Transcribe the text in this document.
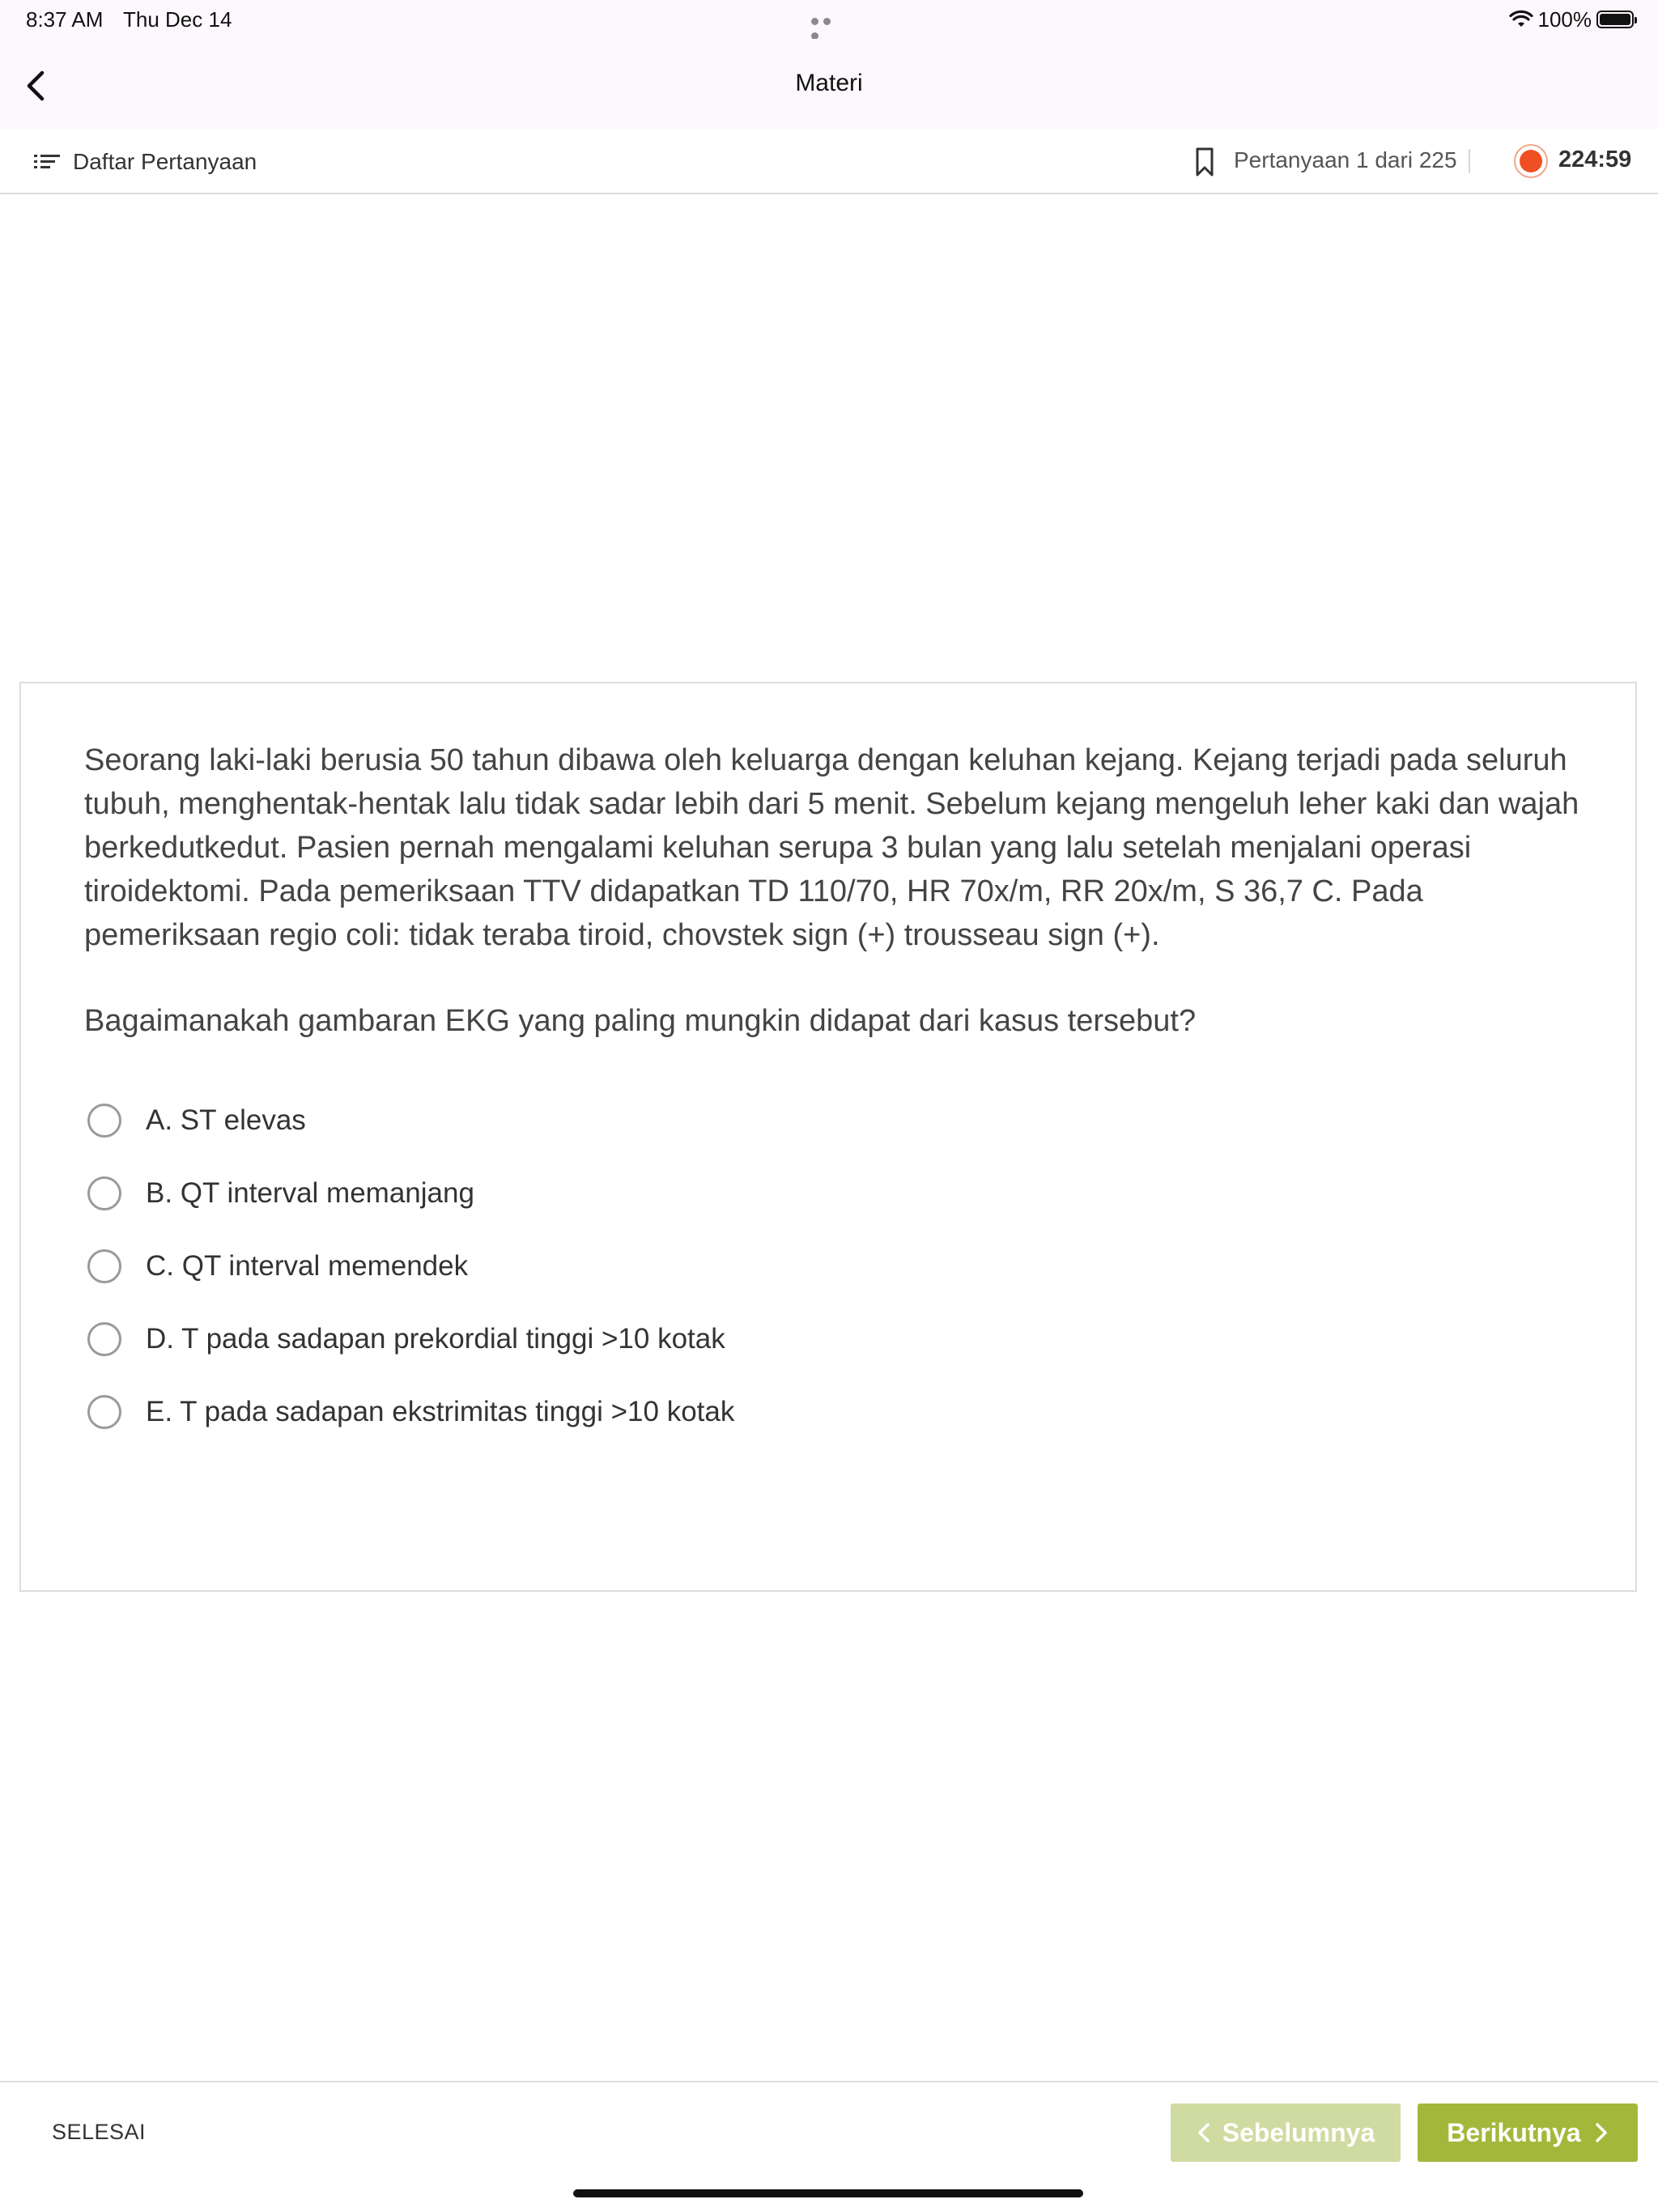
8:37 AM Thu Dec 14	100%
Materi
Daftar Pertanyaan	Pertanyaan 1 dari 225	224:59

Seorang laki-laki berusia 50 tahun dibawa oleh keluarga dengan keluhan kejang. Kejang terjadi pada seluruh tubuh, menghentak-hentak lalu tidak sadar lebih dari 5 menit. Sebelum kejang mengeluh leher kaki dan wajah berkedutkedut. Pasien pernah mengalami keluhan serupa 3 bulan yang lalu setelah menjalani operasi tiroidektomi. Pada pemeriksaan TTV didapatkan TD 110/70, HR 70x/m, RR 20x/m, S 36,7 C. Pada pemeriksaan regio coli: tidak teraba tiroid, chovstek sign (+) trousseau sign (+).

Bagaimanakah gambaran EKG yang paling mungkin didapat dari kasus tersebut?

A. ST elevas
B. QT interval memanjang
C. QT interval memendek
D. T pada sadapan prekordial tinggi >10 kotak
E. T pada sadapan ekstrimitas tinggi >10 kotak
SELESAI	Sebelumnya	Berikutnya
